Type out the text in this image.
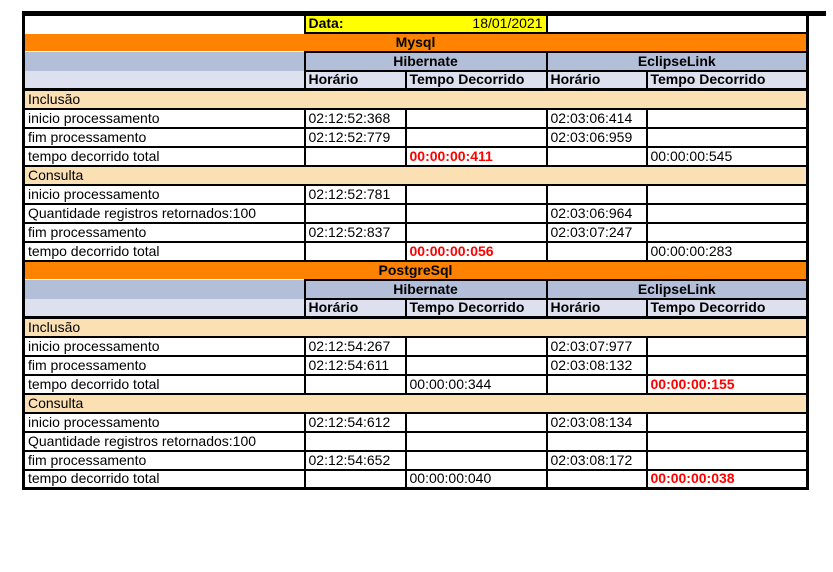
	Data: 18/01/2021			

Mysql				
	Hibernate		EclipseLink	
	Horário	Tempo Decorrido	Horário	Tempo Decorrido
Inclusão				
inicio processamento	02:12:52:368		02:03:06:414	
fim processamento	02:12:52:779		02:03:06:959	
tempo decorrido total		00:00:00:411		00:00:00:545
Consulta				
inicio processamento	02:12:52:781			
Quantidade registros retornados:100			02:03:06:964	
fim processamento	02:12:52:837		02:03:07:247	
tempo decorrido total		00:00:00:056		00:00:00:283
PostgreSql				
	Hibernate		EclipseLink	
	Horário	Tempo Decorrido	Horário	Tempo Decorrido
Inclusão				
inicio processamento	02:12:54:267		02:03:07:977	
fim processamento	02:12:54:611		02:03:08:132	
tempo decorrido total		00:00:00:344		00:00:00:155
Consulta				
inicio processamento	02:12:54:612		02:03:08:134	
Quantidade registros retornados:100				
fim processamento	02:12:54:652		02:03:08:172	
tempo decorrido total		00:00:00:040		00:00:00:038
